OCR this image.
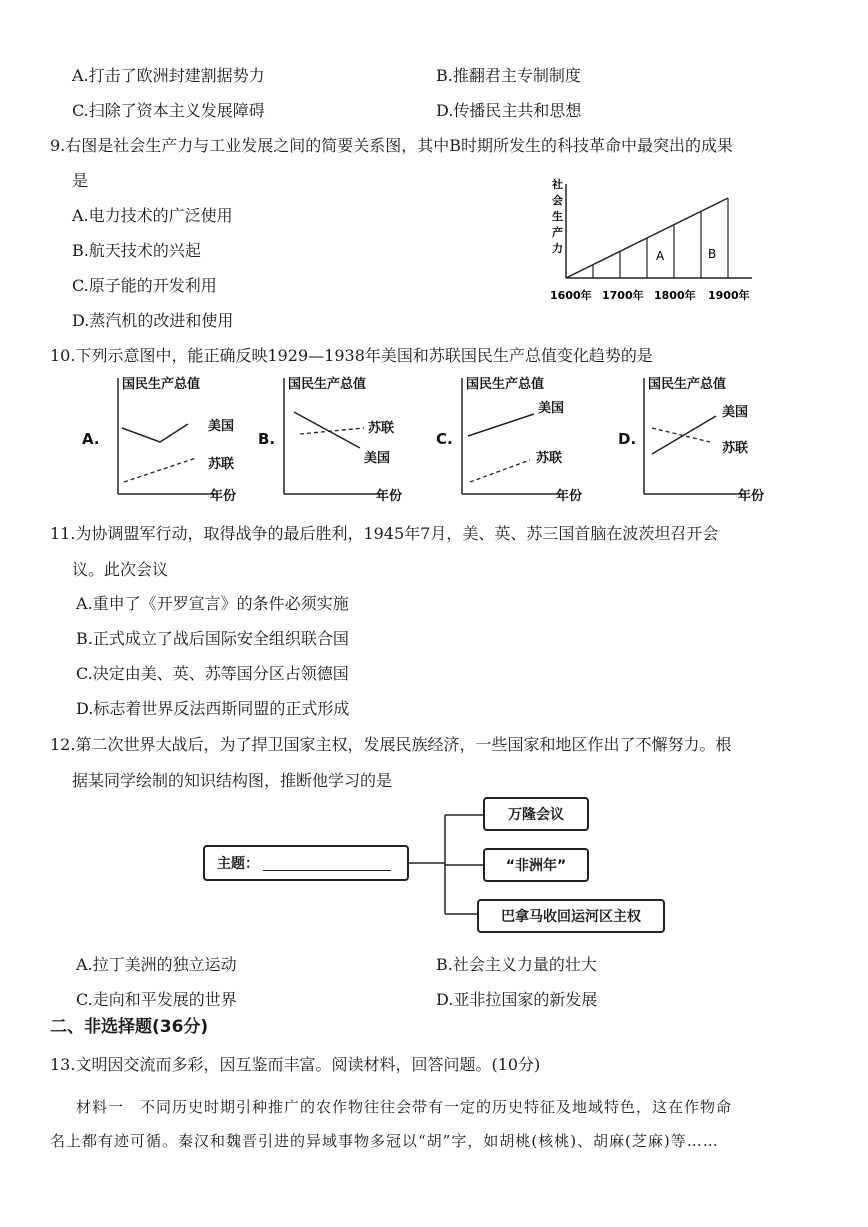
A.打击了欧洲封建割据势力	B.推翻君主专制制度
C.扫除了资本主义发展障碍	D.传播民主共和思想
9.右图是社会生产力与工业发展之间的简要关系图，其中B时期所发生的科技革命中最突出的成果
是
A.电力技术的广泛使用
B.航天技术的兴起
C.原子能的开发利用
D.蒸汽机的改进和使用
社
会
生
产
力
A	B
1600年 1700年 1800年 1900年
10.下列示意图中，能正确反映1929—1938年美国和苏联国民生产总值变化趋势的是
A.
国民生产总值
年份
美国
苏联
B.
国民生产总值
年份
苏联
美国
C.
国民生产总值
年份
美国
苏联
D.
国民生产总值
年份
美国
苏联
11.为协调盟军行动，取得战争的最后胜利，1945年7月，美、英、苏三国首脑在波茨坦召开会
议。此次会议
A.重申了《开罗宣言》的条件必须实施
B.正式成立了战后国际安全组织联合国
C.决定由美、英、苏等国分区占领德国
D.标志着世界反法西斯同盟的正式形成
12.第二次世界大战后，为了捍卫国家主权，发展民族经济，一些国家和地区作出了不懈努力。根
据某同学绘制的知识结构图，推断他学习的是
主题：
万隆会议
“非洲年”
巴拿马收回运河区主权
A.拉丁美洲的独立运动	B.社会主义力量的壮大
C.走向和平发展的世界	D.亚非拉国家的新发展
二、非选择题(36分)
13.文明因交流而多彩，因互鉴而丰富。阅读材料，回答问题。(10分)
材料一　不同历史时期引种推广的农作物往往会带有一定的历史特征及地域特色，这在作物命
名上都有迹可循。秦汉和魏晋引进的异域事物多冠以“胡”字，如胡桃(核桃)、胡麻(芝麻)等……
